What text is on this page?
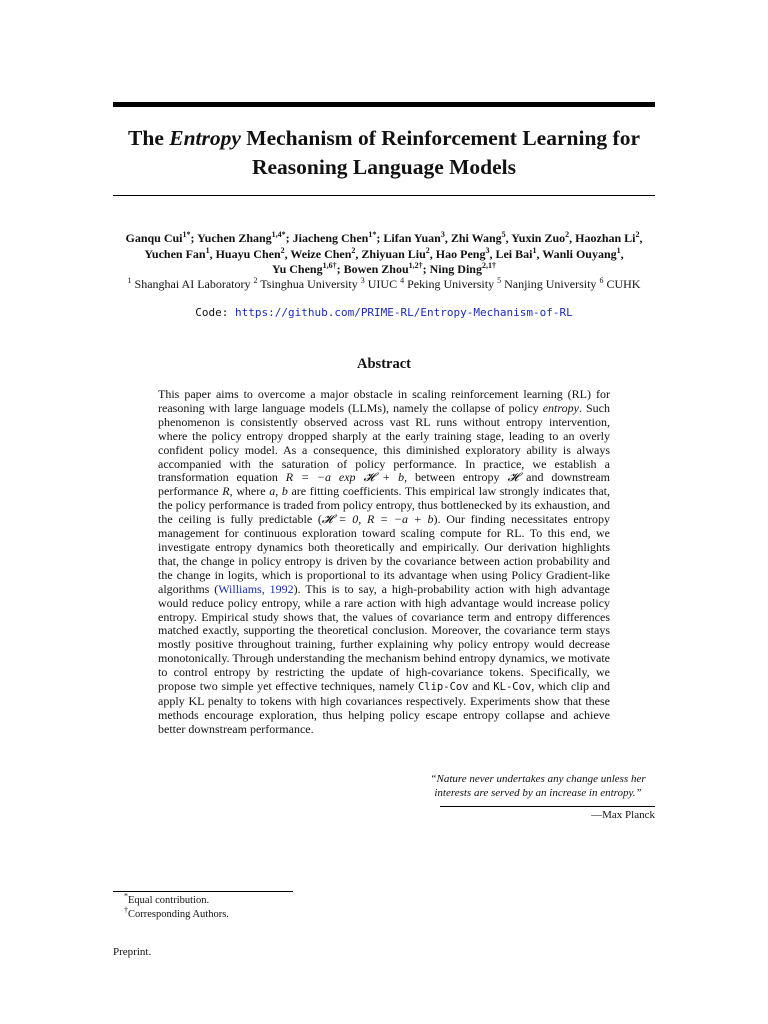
The Entropy Mechanism of Reinforcement Learning for
Reasoning Language Models
Ganqu Cui$^{1*}$; Yuchen Zhang$^{1,4*}$; Jiacheng Chen$^{1*}$; Lifan Yuan$^3$, Zhi Wang$^5$, Yuxin Zuo$^2$, Haozhan Li$^2$,
Yuchen Fan$^1$, Huayu Chen$^2$, Weize Chen$^2$, Zhiyuan Liu$^2$, Hao Peng$^3$, Lei Bai$^1$, Wanli Ouyang$^1$,
Yu Cheng$^{1,6\dagger}$; Bowen Zhou$^{1,2\dagger}$; Ning Ding$^{2,1\dagger}$
$^1$ Shanghai AI Laboratory $^2$ Tsinghua University $^3$ UIUC $^4$ Peking University $^5$ Nanjing University $^6$ CUHK
Code: https://github.com/PRIME-RL/Entropy-Mechanism-of-RL
Abstract
This paper aims to overcome a major obstacle in scaling reinforcement learning (RL) for reasoning with large language models (LLMs), namely the collapse of policy entropy. Such phenomenon is consistently observed across vast RL runs without entropy intervention, where the policy entropy dropped sharply at the early training stage, leading to an overly confident policy model. As a consequence, this diminished exploratory ability is always accompanied with the saturation of policy performance. In practice, we establish a transformation equation R = −a exp 𝓗 + b, between entropy 𝓗 and downstream performance R, where a, b are fitting coefficients. This empirical law strongly indicates that, the policy performance is traded from policy entropy, thus bottlenecked by its exhaustion, and the ceiling is fully predictable (𝓗 = 0, R = −a + b). Our finding necessitates entropy management for continuous exploration toward scaling compute for RL. To this end, we investigate entropy dynamics both theoretically and empirically. Our derivation highlights that, the change in policy entropy is driven by the covariance between action probability and the change in logits, which is proportional to its advantage when using Policy Gradient-like algorithms (Williams, 1992). This is to say, a high-probability action with high advantage would reduce policy entropy, while a rare action with high advantage would increase policy entropy. Empirical study shows that, the values of covariance term and entropy differences matched exactly, supporting the theoretical conclusion. Moreover, the covariance term stays mostly positive throughout training, further explaining why policy entropy would decrease monotonically. Through understanding the mechanism behind entropy dynamics, we motivate to control entropy by restricting the update of high-covariance tokens. Specifically, we propose two simple yet effective techniques, namely Clip-Cov and KL-Cov, which clip and apply KL penalty to tokens with high covariances respectively. Experiments show that these methods encourage exploration, thus helping policy escape entropy collapse and achieve better downstream performance.
“Nature never undertakes any change unless her interests are served by an increase in entropy.”
—Max Planck
*Equal contribution.
†Corresponding Authors.
Preprint.
